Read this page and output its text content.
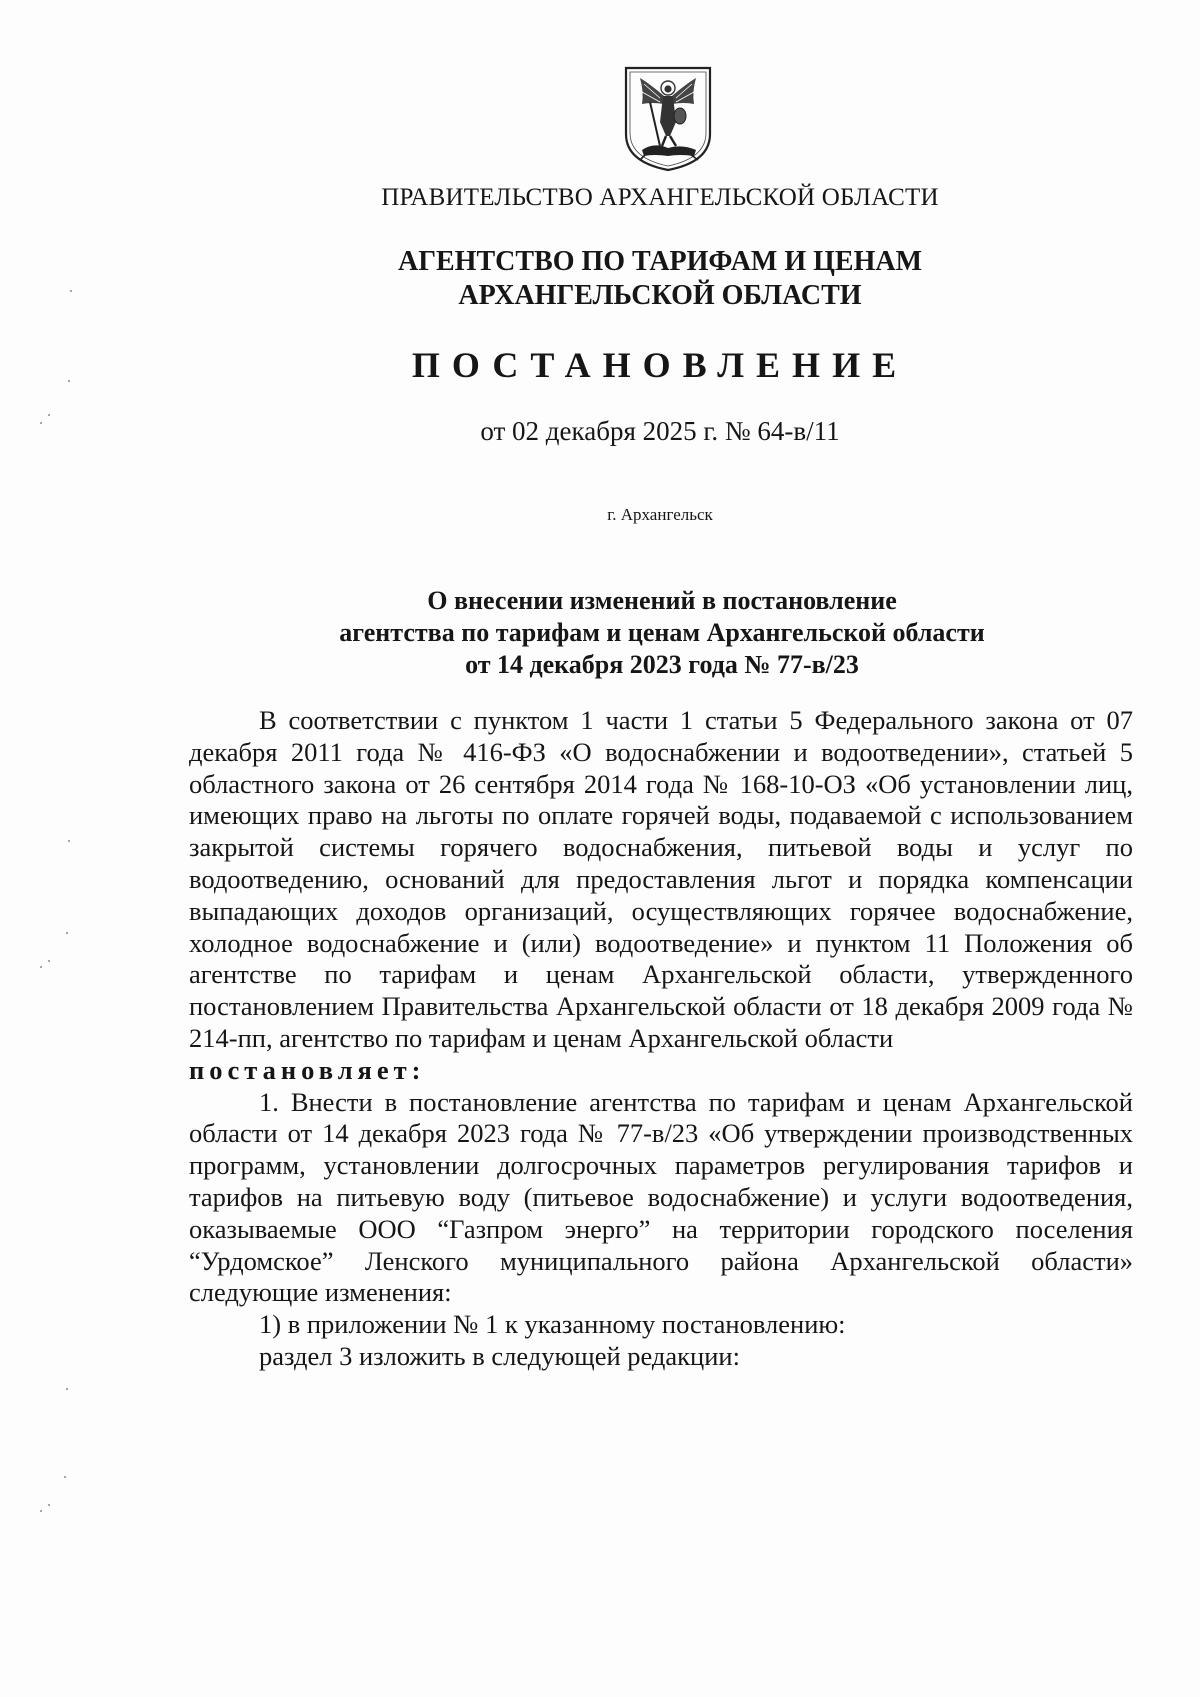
ПРАВИТЕЛЬСТВО АРХАНГЕЛЬСКОЙ ОБЛАСТИ
АГЕНТСТВО ПО ТАРИФАМ И ЦЕНАМ
АРХАНГЕЛЬСКОЙ ОБЛАСТИ
ПОСТАНОВЛЕНИЕ
от 02 декабря 2025 г. № 64-в/11
г. Архангельск
О внесении изменений в постановление
агентства по тарифам и ценам Архангельской области
от 14 декабря 2023 года № 77-в/23

В соответствии с пунктом 1 части 1 статьи 5 Федерального закона от 07 декабря 2011 года № 416-ФЗ «О водоснабжении и водоотведении», статьей 5 областного закона от 26 сентября 2014 года № 168-10-ОЗ «Об установлении лиц, имеющих право на льготы по оплате горячей воды, подаваемой с использованием закрытой системы горячего водоснабжения, питьевой воды и услуг по водоотведению, оснований для предоставления льгот и порядка компенсации выпадающих доходов организаций, осуществляющих горячее водоснабжение, холодное водоснабжение и (или) водоотведение» и пунктом 11 Положения об агентстве по тарифам и ценам Архангельской области, утвержденного постановлением Правительства Архангельской области от 18 декабря 2009 года № 214-пп, агентство по тарифам и ценам Архангельской области

постановляет:

1. Внести в постановление агентства по тарифам и ценам Архангельской области от 14 декабря 2023 года № 77-в/23 «Об утверждении производственных программ, установлении долгосрочных параметров регулирования тарифов и тарифов на питьевую воду (питьевое водоснабжение) и услуги водоотведения, оказываемые ООО “Газпром энерго” на территории городского поселения “Урдомское” Ленского муниципального района Архангельской области» следующие изменения:

1) в приложении № 1 к указанному постановлению:

раздел 3 изложить в следующей редакции:
